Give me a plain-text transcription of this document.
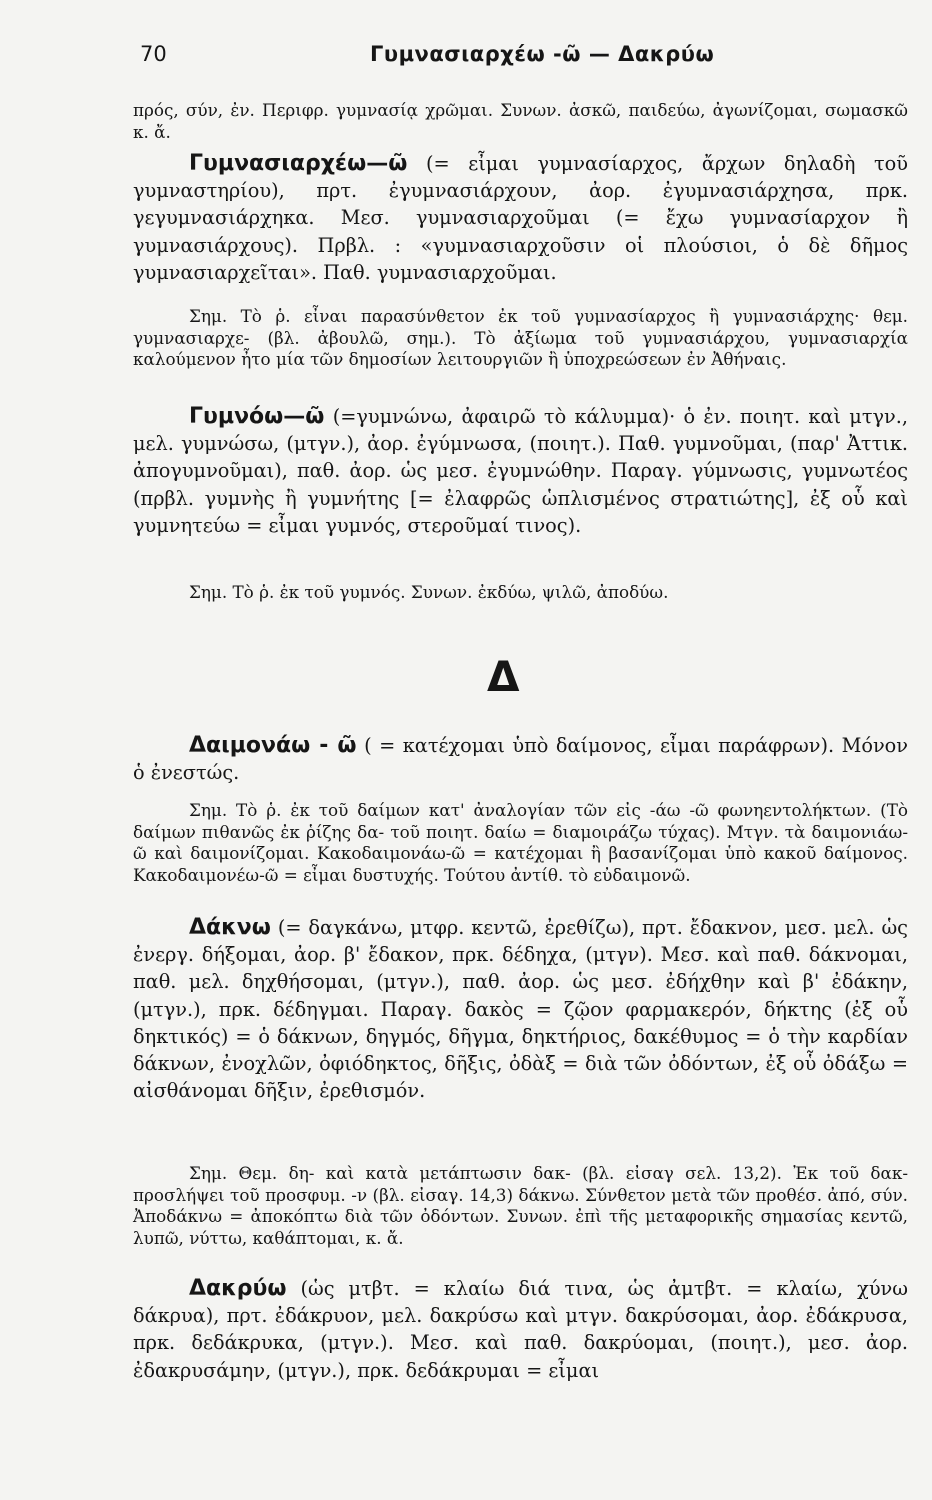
70	Γυμνασιαρχέω -ῶ — Δακρύω
πρός, σύν, ἐν. Περιφρ. γυμνασίᾳ χρῶμαι. Συνων. ἀσκῶ, παιδεύω, ἀγωνίζομαι, σωμασκῶ κ. ἄ.
Γυμνασιαρχέω—ῶ (= εἶμαι γυμνασίαρχος, ἄρχων δηλαδὴ τοῦ γυμναστηρίου), πρτ. ἐγυμνασιάρχουν, ἀορ. ἐγυμνασιάρχησα, πρκ. γεγυμνασιάρχηκα. Μεσ. γυμνασιαρχοῦμαι (= ἔχω γυμνασίαρχον ἢ γυμνασιάρχους). Πρβλ. : «γυμνασιαρχοῦσιν οἱ πλούσιοι, ὁ δὲ δῆμος γυμνασιαρχεῖται». Παθ. γυμνασιαρχοῦμαι.
Σημ. Τὸ ῥ. εἶναι παρασύνθετον ἐκ τοῦ γυμνασίαρχος ἢ γυμνασιάρχης· θεμ. γυμνασιαρχε- (βλ. ἀβουλῶ, σημ.). Τὸ ἀξίωμα τοῦ γυμνασιάρχου, γυμνασιαρχία καλούμενον ἦτο μία τῶν δημοσίων λειτουργιῶν ἢ ὑποχρεώσεων ἐν Ἀθήναις.
Γυμνόω—ῶ (=γυμνώνω, ἀφαιρῶ τὸ κάλυμμα)· ὁ ἐν. ποιητ. καὶ μτγν., μελ. γυμνώσω, (μτγν.), ἀορ. ἐγύμνωσα, (ποιητ.). Παθ. γυμνοῦμαι, (παρ' Ἀττικ. ἀπογυμνοῦμαι), παθ. ἀορ. ὡς μεσ. ἐγυμνώθην. Παραγ. γύμνωσις, γυμνωτέος (πρβλ. γυμνὴς ἢ γυμνήτης [= ἐλαφρῶς ὡπλισμένος στρατιώτης], ἐξ οὗ καὶ γυμνητεύω = εἶμαι γυμνός, στεροῦμαί τινος).
Σημ. Τὸ ῥ. ἐκ τοῦ γυμνός. Συνων. ἐκδύω, ψιλῶ, ἀποδύω.
Δ
Δαιμονάω - ῶ ( = κατέχομαι ὑπὸ δαίμονος, εἶμαι παράφρων). Μόνον ὁ ἐνεστώς.
Σημ. Τὸ ῥ. ἐκ τοῦ δαίμων κατ' ἀναλογίαν τῶν εἰς -άω -ῶ φωνηεντολήκτων. (Τὸ δαίμων πιθανῶς ἐκ ῥίζης δα- τοῦ ποιητ. δαίω = διαμοιράζω τύχας). Μτγν. τὰ δαιμονιάω-ῶ καὶ δαιμονίζομαι. Κακοδαιμονάω-ῶ = κατέχομαι ἢ βασανίζομαι ὑπὸ κακοῦ δαίμονος. Κακοδαιμονέω-ῶ = εἶμαι δυστυχής. Τούτου ἀντίθ. τὸ εὐδαιμονῶ.
Δάκνω (= δαγκάνω, μτφρ. κεντῶ, ἐρεθίζω), πρτ. ἔδακνον, μεσ. μελ. ὡς ἐνεργ. δήξομαι, ἀορ. β' ἔδακον, πρκ. δέδηχα, (μτγν). Μεσ. καὶ παθ. δάκνομαι, παθ. μελ. δηχθήσομαι, (μτγν.), παθ. ἀορ. ὡς μεσ. ἐδήχθην καὶ β' ἐδάκην, (μτγν.), πρκ. δέδηγμαι. Παραγ. δακὸς = ζῷον φαρμακερόν, δήκτης (ἐξ οὗ δηκτικός) = ὁ δάκνων, δηγμός, δῆγμα, δηκτήριος, δακέθυμος = ὁ τὴν καρδίαν δάκνων, ἐνοχλῶν, ὀφιόδηκτος, δῆξις, ὀδὰξ = διὰ τῶν ὀδόντων, ἐξ οὗ ὀδάξω = αἰσθάνομαι δῆξιν, ἐρεθισμόν.
Σημ. Θεμ. δη- καὶ κατὰ μετάπτωσιν δακ- (βλ. εἰσαγ σελ. 13,2). Ἐκ τοῦ δακ- προσλήψει τοῦ προσφυμ. -ν (βλ. εἰσαγ. 14,3) δάκνω. Σύνθετον μετὰ τῶν προθέσ. ἀπό, σύν. Ἀποδάκνω = ἀποκόπτω διὰ τῶν ὀδόντων. Συνων. ἐπὶ τῆς μεταφορικῆς σημασίας κεντῶ, λυπῶ, νύττω, καθάπτομαι, κ. ἄ.
Δακρύω (ὡς μτβτ. = κλαίω διά τινα, ὡς ἀμτβτ. = κλαίω, χύνω δάκρυα), πρτ. ἐδάκρυον, μελ. δακρύσω καὶ μτγν. δακρύσομαι, ἀορ. ἐδάκρυσα, πρκ. δεδάκρυκα, (μτγν.). Μεσ. καὶ παθ. δακρύομαι, (ποιητ.), μεσ. ἀορ. ἐδακρυσάμην, (μτγν.), πρκ. δεδάκρυμαι = εἶμαι
